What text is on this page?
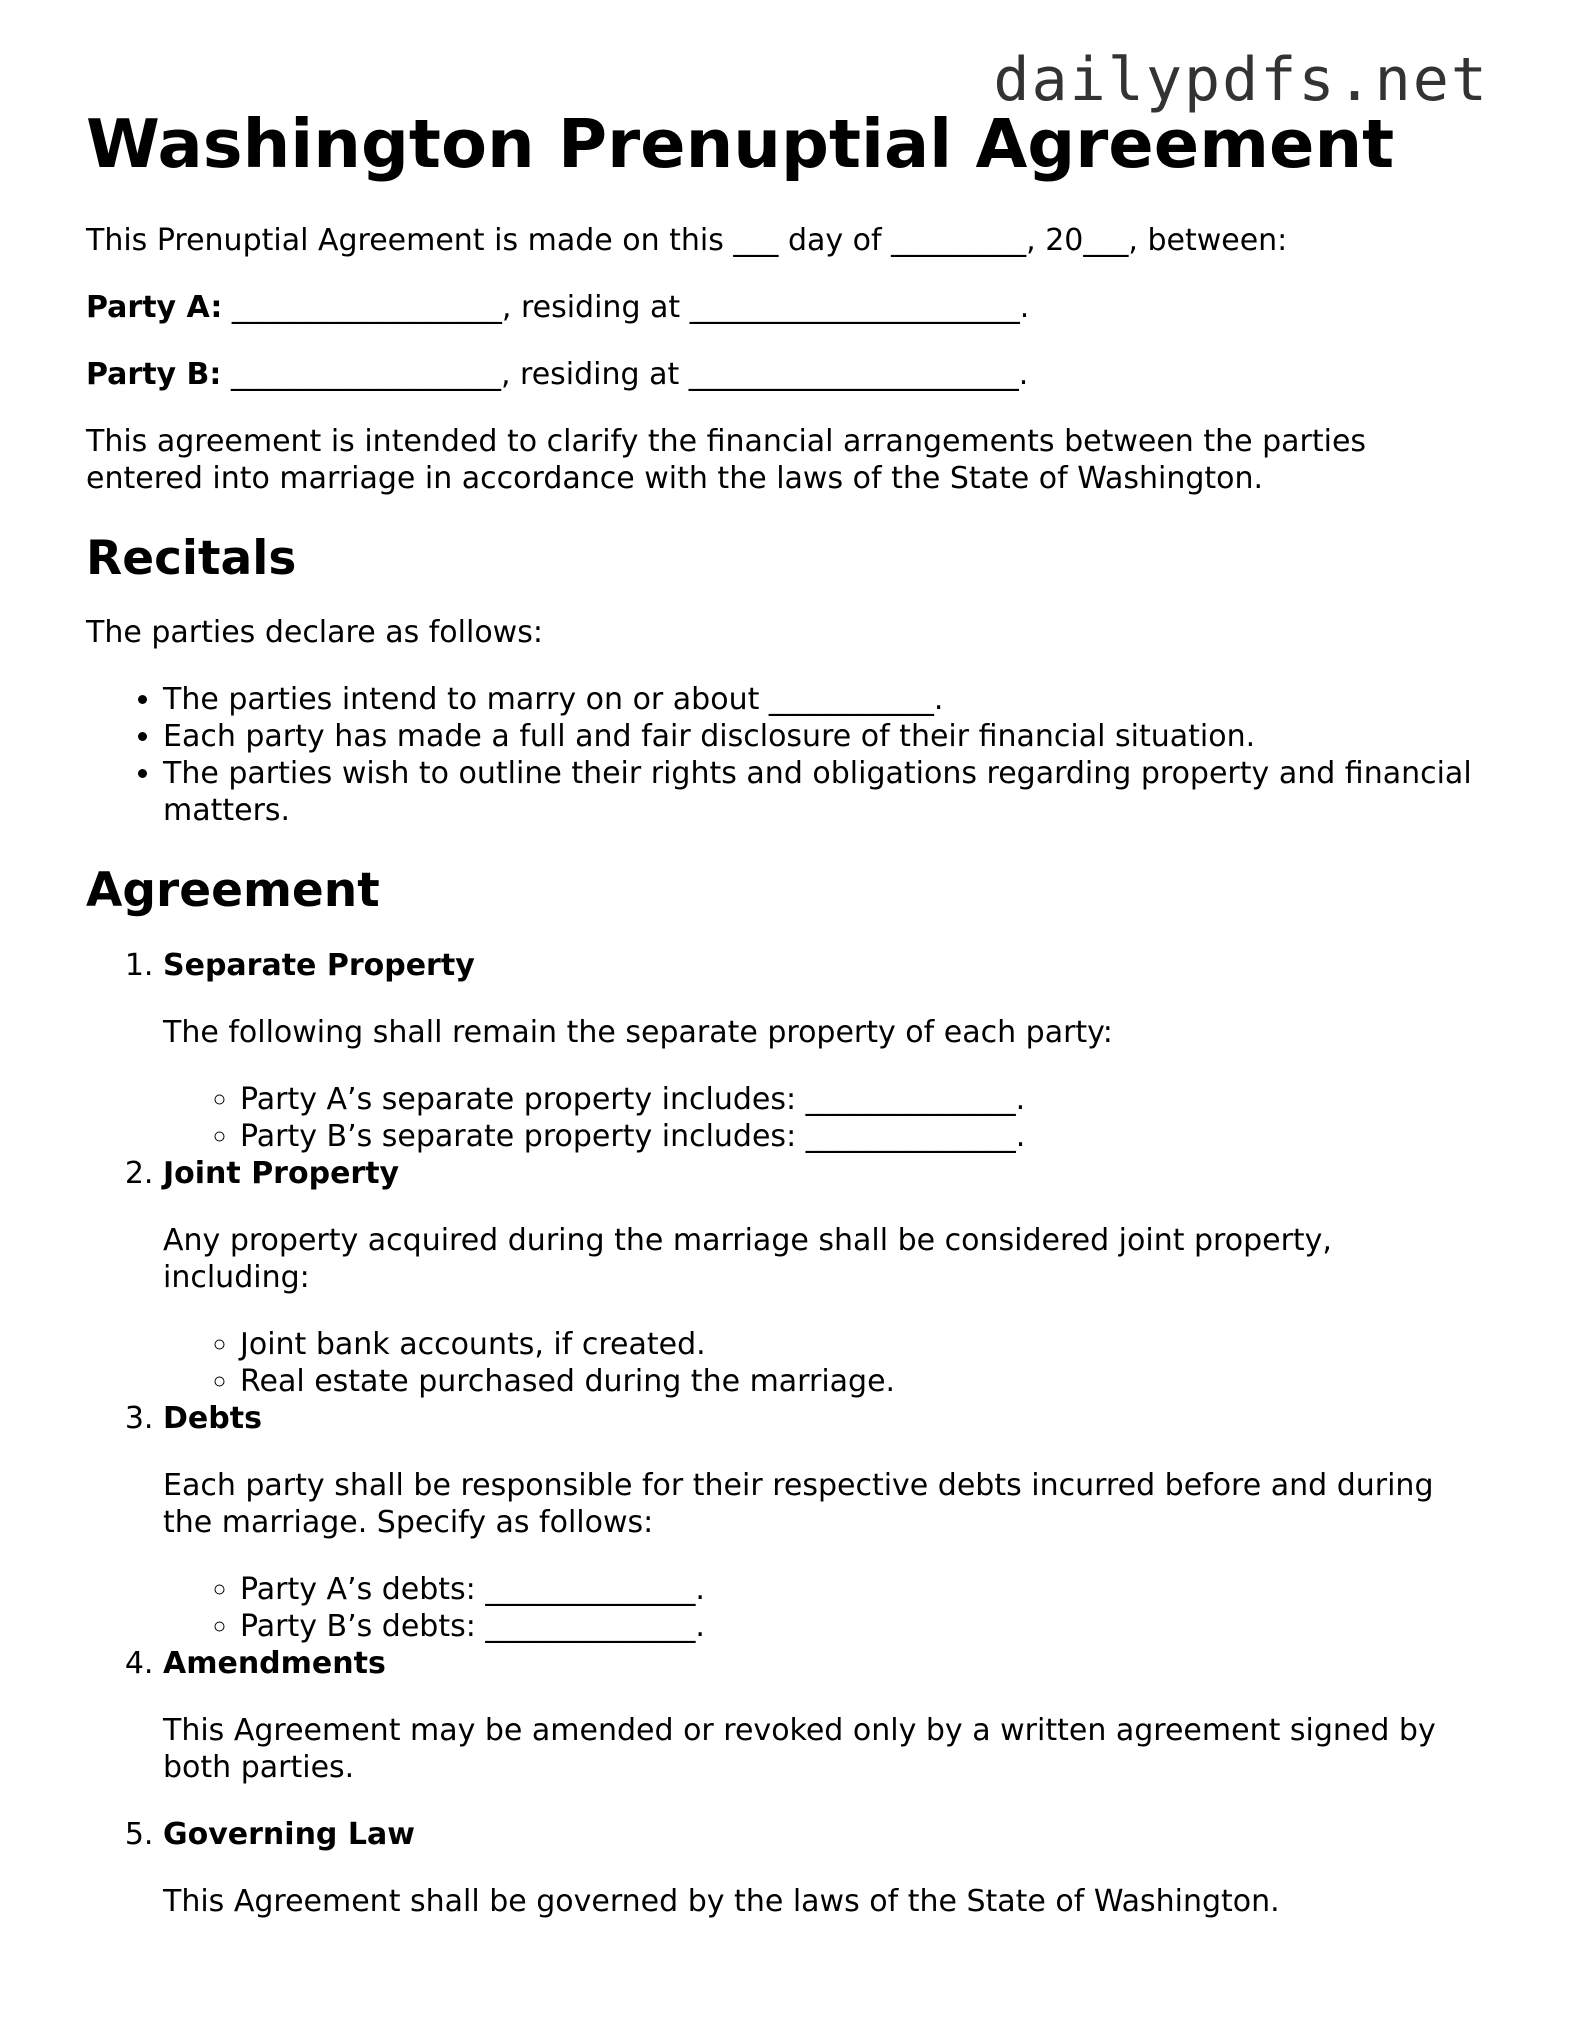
dailypdfs.net
Washington Prenuptial Agreement

This Prenuptial Agreement is made on this ___ day of _________, 20___, between:

Party A: __________________, residing at ______________________.

Party B: __________________, residing at ______________________.

This agreement is intended to clarify the financial arrangements between the parties entered into marriage in accordance with the laws of the State of Washington.

Recitals

The parties declare as follows:

• The parties intend to marry on or about ___________.
• Each party has made a full and fair disclosure of their financial situation.
• The parties wish to outline their rights and obligations regarding property and financial matters.
Agreement
1. Separate Property

The following shall remain the separate property of each party:

◦ Party A’s separate property includes: ______________.
◦ Party B’s separate property includes: ______________.
2. Joint Property

Any property acquired during the marriage shall be considered joint property, including:

◦ Joint bank accounts, if created.
◦ Real estate purchased during the marriage.
3. Debts

Each party shall be responsible for their respective debts incurred before and during the marriage. Specify as follows:

◦ Party A’s debts: ______________.
◦ Party B’s debts: ______________.
4. Amendments

This Agreement may be amended or revoked only by a written agreement signed by both parties.

5. Governing Law

This Agreement shall be governed by the laws of the State of Washington.
